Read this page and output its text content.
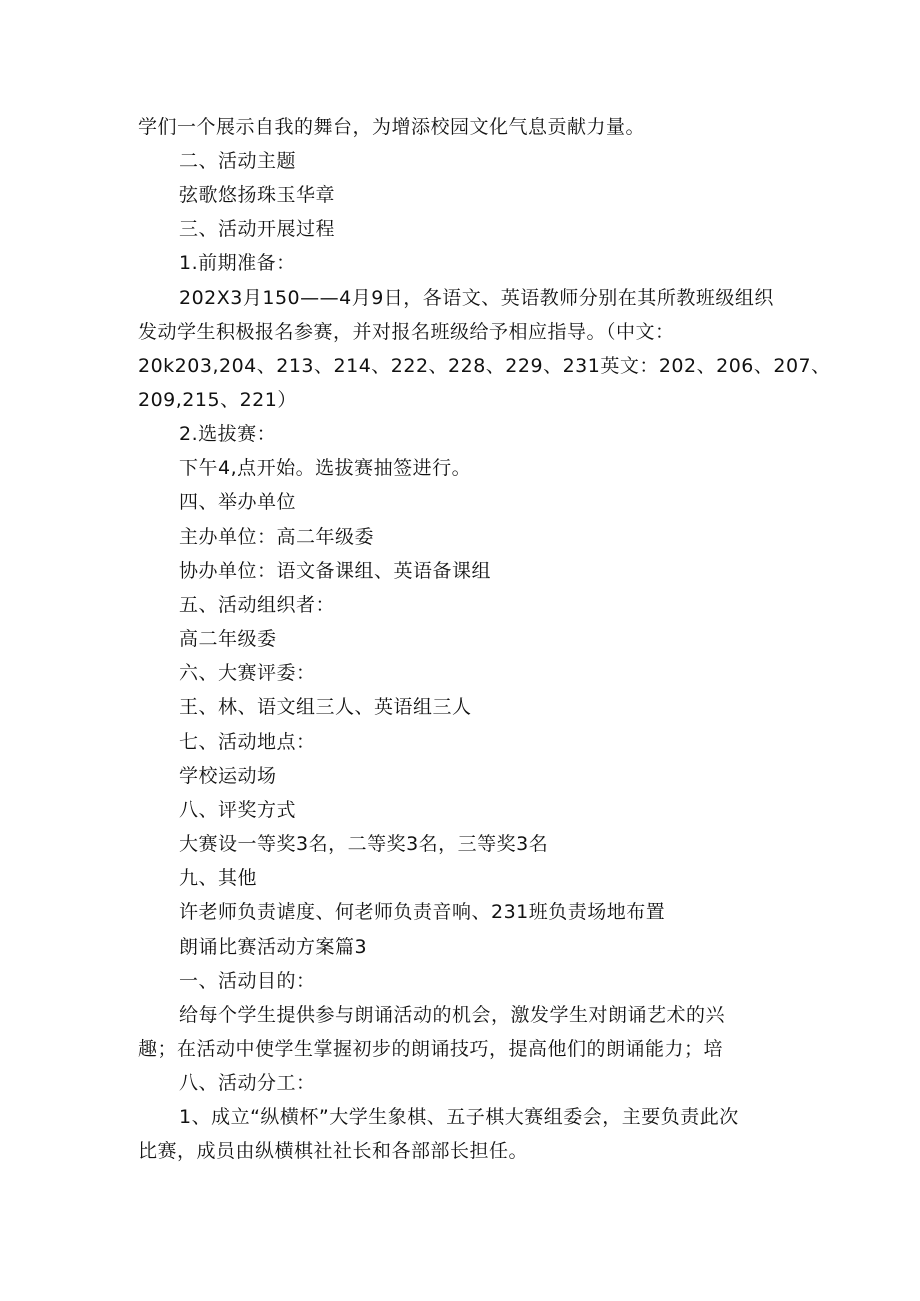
学们一个展示自我的舞台，为增添校园文化气息贡献力量。
二、活动主题
弦歌悠扬珠玉华章
三、活动开展过程
1.前期准备：
202X3月150——4月9日，各语文、英语教师分别在其所教班级组织
发动学生积极报名参赛，并对报名班级给予相应指导。（中文：
20k203,204、213、214、222、228、229、231英文：202、206、207、
209,215、221）
2.选拔赛：
下午4,点开始。选拔赛抽签进行。
四、举办单位
主办单位：高二年级委
协办单位：语文备课组、英语备课组
五、活动组织者：
高二年级委
六、大赛评委：
王、林、语文组三人、英语组三人
七、活动地点：
学校运动场
八、评奖方式
大赛设一等奖3名，二等奖3名，三等奖3名
九、其他
许老师负责谑度、何老师负责音响、231班负责场地布置
朗诵比赛活动方案篇3
一、活动目的：
给每个学生提供参与朗诵活动的机会，激发学生对朗诵艺术的兴
趣；在活动中使学生掌握初步的朗诵技巧，提高他们的朗诵能力；培
八、活动分工：
1、成立“纵横杯”大学生象棋、五子棋大赛组委会，主要负责此次
比赛，成员由纵横棋社社长和各部部长担任。
